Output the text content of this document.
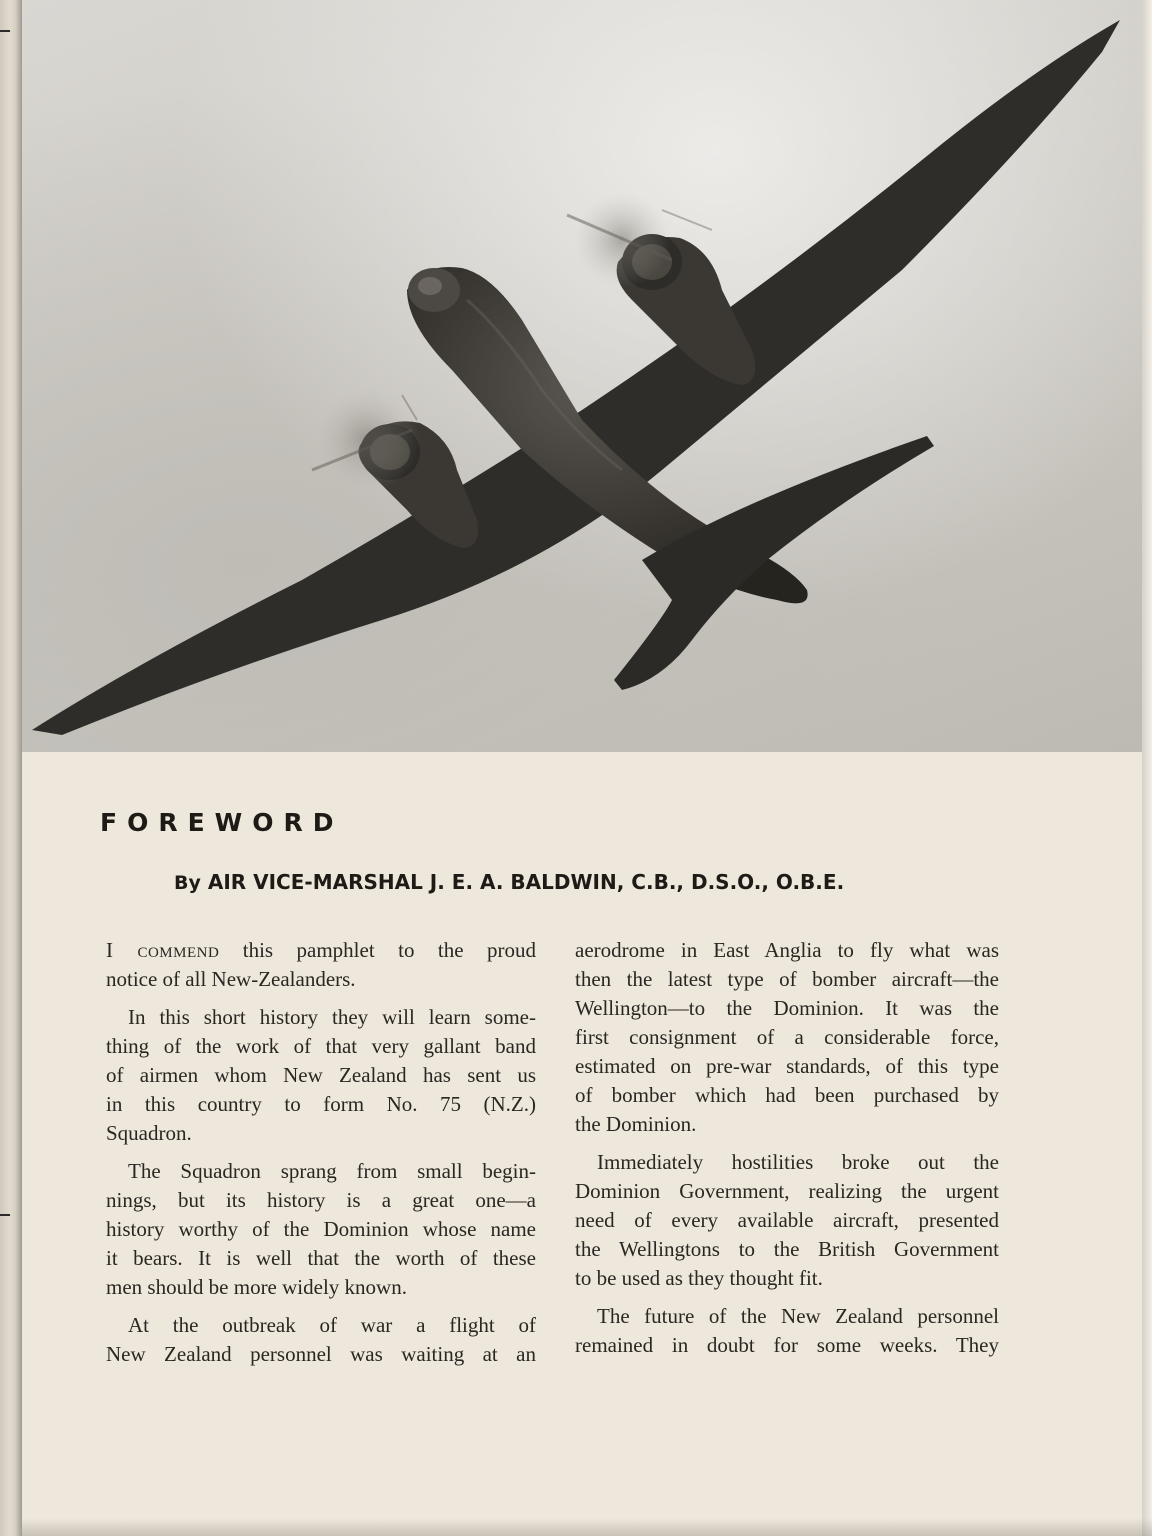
FOREWORD
By AIR VICE-MARSHAL J. E. A. BALDWIN, C.B., D.S.O., O.B.E.
I commend this pamphlet to the proud
notice of all New-Zealanders.
In this short history they will learn some-
thing of the work of that very gallant band
of airmen whom New Zealand has sent us
in this country to form No. 75 (N.Z.)
Squadron.
The Squadron sprang from small begin-
nings, but its history is a great one—a
history worthy of the Dominion whose name
it bears. It is well that the worth of these
men should be more widely known.
At the outbreak of war a flight of
New Zealand personnel was waiting at an
aerodrome in East Anglia to fly what was
then the latest type of bomber aircraft—the
Wellington—to the Dominion. It was the
first consignment of a considerable force,
estimated on pre-war standards, of this type
of bomber which had been purchased by
the Dominion.
Immediately hostilities broke out the
Dominion Government, realizing the urgent
need of every available aircraft, presented
the Wellingtons to the British Government
to be used as they thought fit.
The future of the New Zealand personnel
remained in doubt for some weeks. They
